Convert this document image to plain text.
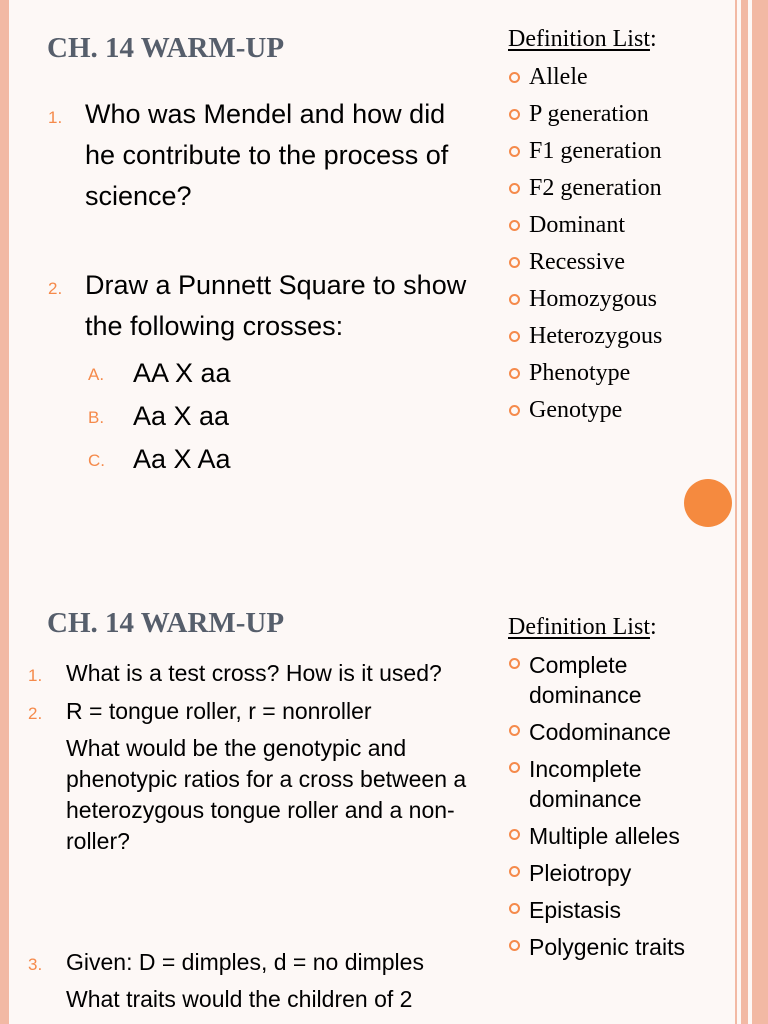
CH. 14 WARM-UP
1. Who was Mendel and how did he contribute to the process of science?
2. Draw a Punnett Square to show the following crosses:
A. AA X aa
B. Aa X aa
C. Aa X Aa
Definition List:
Allele
P generation
F1 generation
F2 generation
Dominant
Recessive
Homozygous
Heterozygous
Phenotype
Genotype
CH. 14 WARM-UP
1. What is a test cross? How is it used?
2. R = tongue roller, r = nonroller
What would be the genotypic and phenotypic ratios for a cross between a heterozygous tongue roller and a non-roller?
3. Given: D = dimples, d = no dimples
What traits would the children of 2
Definition List:
Complete dominance
Codominance
Incomplete dominance
Multiple alleles
Pleiotropy
Epistasis
Polygenic traits
